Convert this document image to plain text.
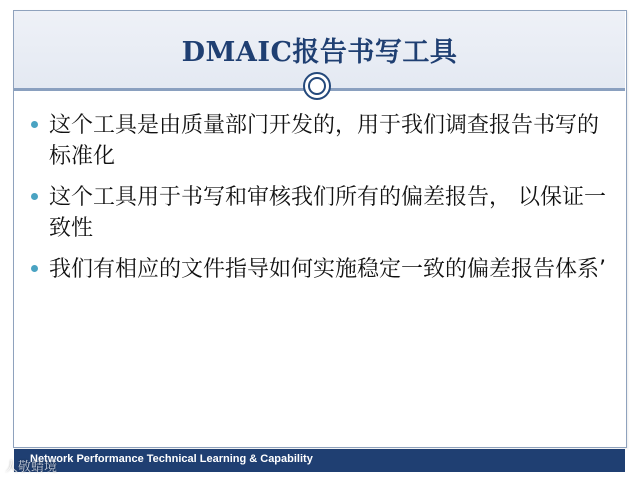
DMAIC报告书写工具
这个工具是由质量部门开发的，用于我们调查报告书写的标准化
这个工具用于书写和审核我们所有的偏差报告， 以保证一致性
我们有相应的文件指导如何实施稳定一致的偏差报告体系’
Network Performance Technical Learning & Capability
人敬蜻境
